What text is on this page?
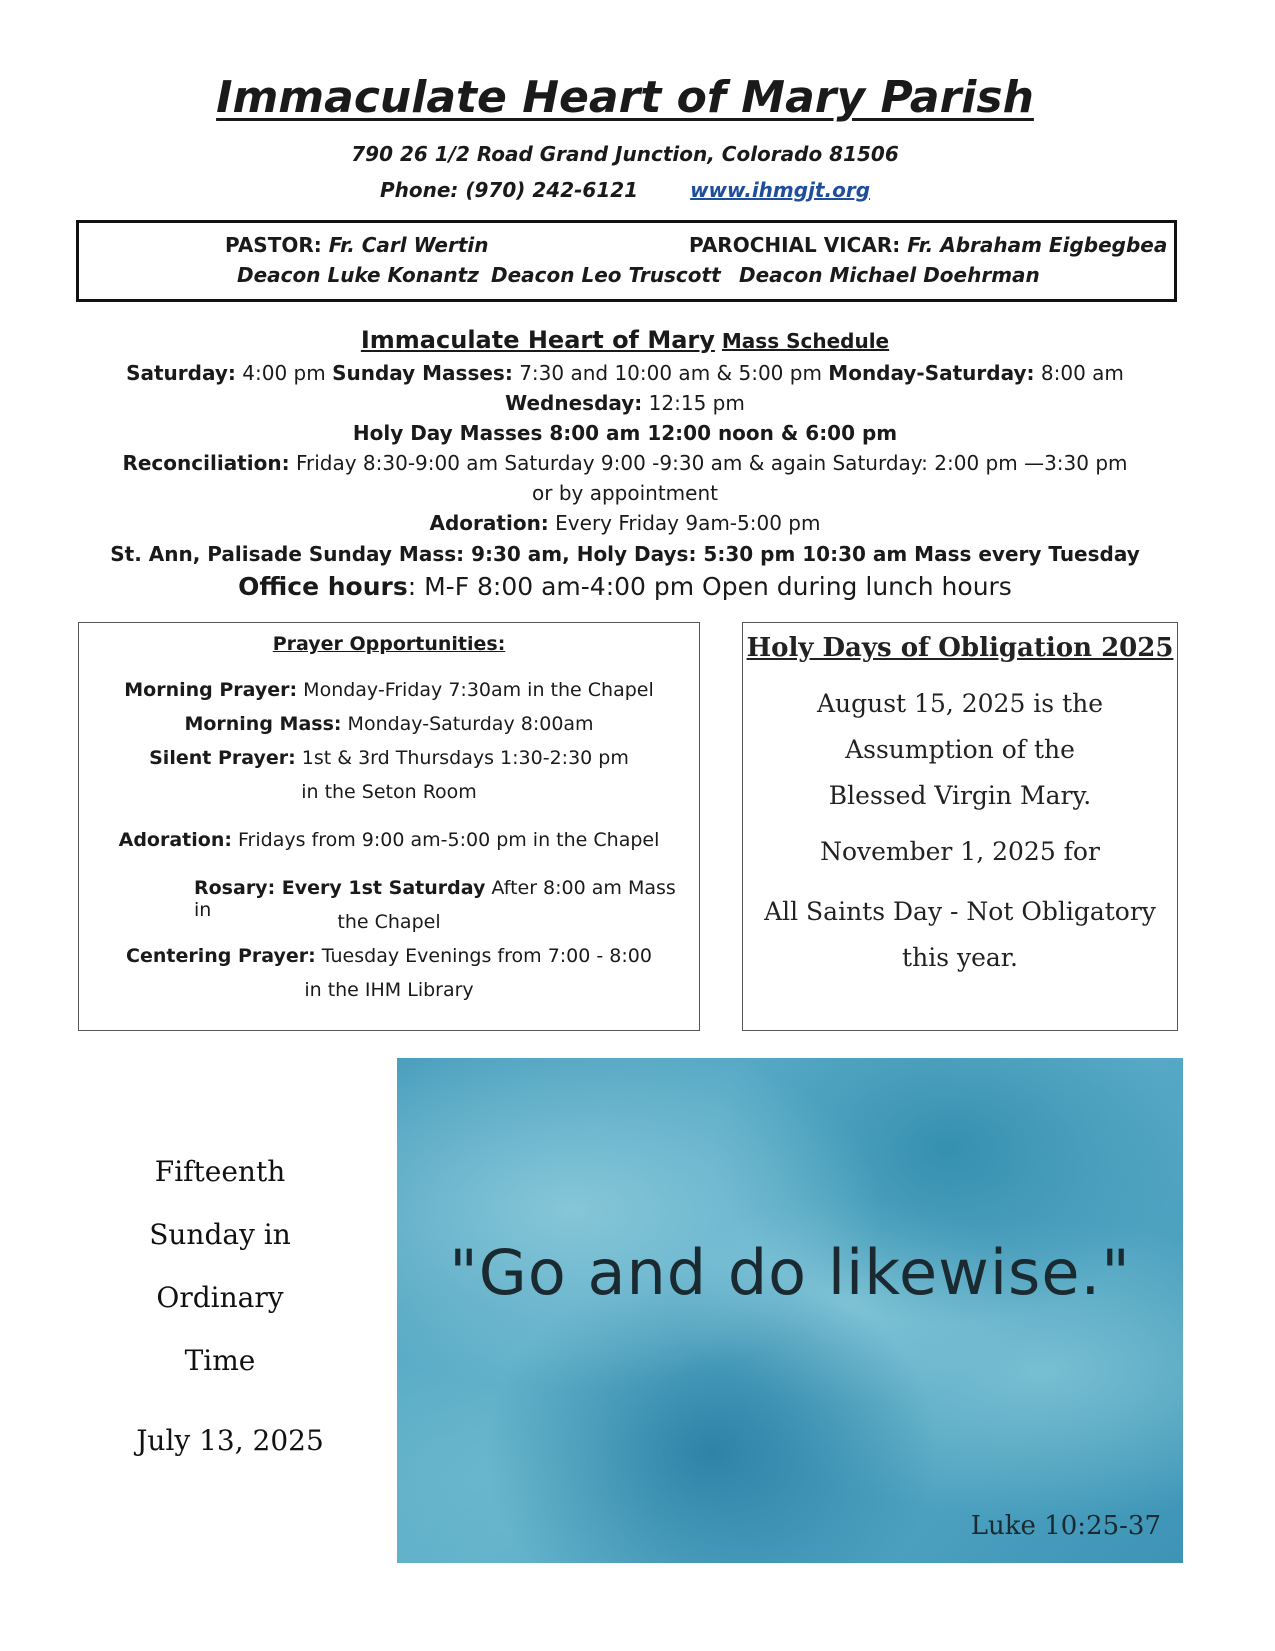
Immaculate Heart of Mary Parish
790 26 1/2 Road Grand Junction, Colorado 81506
Phone: (970) 242-6121	www.ihmgjt.org
PASTOR: Fr. Carl Wertin	PAROCHIAL VICAR: Fr. Abraham Eigbegbea
Deacon Luke Konantz Deacon Leo Truscott Deacon Michael Doehrman
Immaculate Heart of Mary Mass Schedule
Saturday: 4:00 pm Sunday Masses: 7:30 and 10:00 am & 5:00 pm Monday-Saturday: 8:00 am
Wednesday: 12:15 pm
Holy Day Masses 8:00 am 12:00 noon & 6:00 pm
Reconciliation: Friday 8:30-9:00 am Saturday 9:00 -9:30 am & again Saturday: 2:00 pm —3:30 pm
or by appointment
Adoration: Every Friday 9am-5:00 pm
St. Ann, Palisade Sunday Mass: 9:30 am, Holy Days: 5:30 pm 10:30 am Mass every Tuesday
Office hours: M-F 8:00 am-4:00 pm Open during lunch hours
Prayer Opportunities:
Morning Prayer: Monday-Friday 7:30am in the Chapel
Morning Mass: Monday-Saturday 8:00am
Silent Prayer: 1st & 3rd Thursdays 1:30-2:30 pm
in the Seton Room
Adoration: Fridays from 9:00 am-5:00 pm in the Chapel
Rosary: Every 1st Saturday After 8:00 am Mass in
the Chapel
Centering Prayer: Tuesday Evenings from 7:00 - 8:00
in the IHM Library
Holy Days of Obligation 2025
August 15, 2025 is the
Assumption of the
Blessed Virgin Mary.
November 1, 2025 for
All Saints Day - Not Obligatory
this year.
Fifteenth
Sunday in
Ordinary
Time
July 13, 2025
"Go and do likewise."
Luke 10:25-37
